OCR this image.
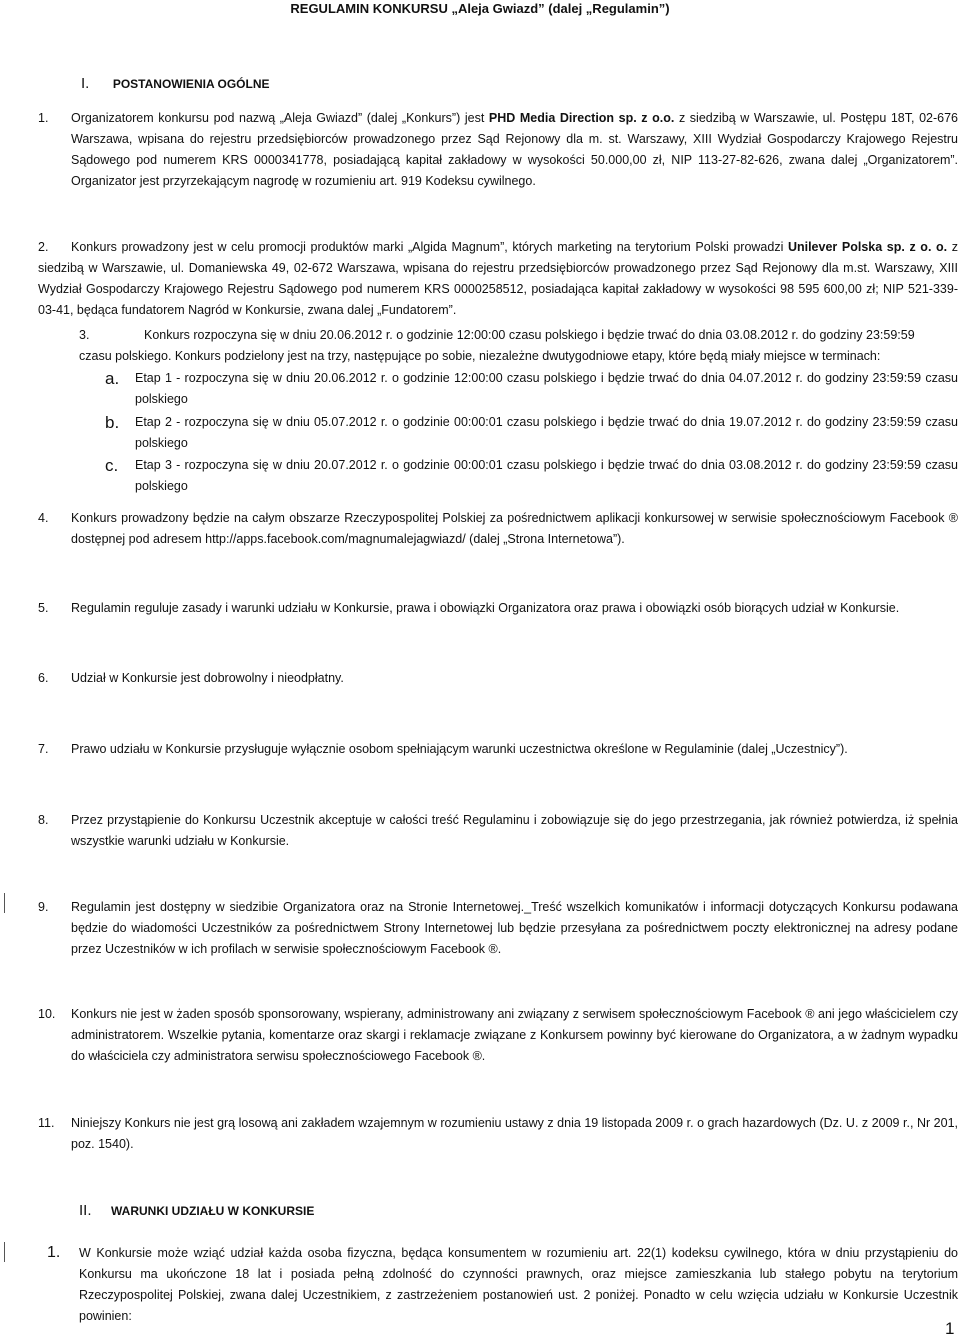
REGULAMIN KONKURSU „Aleja Gwiazd” (dalej „Regulamin”)
I. POSTANOWIENIA OGÓLNE
1.	Organizatorem konkursu pod nazwą „Aleja Gwiazd” (dalej „Konkurs”) jest PHD Media Direction sp. z o.o. z siedzibą w Warszawie, ul. Postępu 18T, 02-676 Warszawa, wpisana do rejestru przedsiębiorców prowadzonego przez Sąd Rejonowy dla m. st. Warszawy, XIII Wydział Gospodarczy Krajowego Rejestru Sądowego pod numerem KRS 0000341778, posiadającą kapitał zakładowy w wysokości 50.000,00 zł, NIP 113-27-82-626, zwana dalej „Organizatorem”. Organizator jest przyrzekającym nagrodę w rozumieniu art. 919 Kodeksu cywilnego.
2.	Konkurs prowadzony jest w celu promocji produktów marki „Algida Magnum”, których marketing na terytorium Polski prowadzi Unilever Polska sp. z o. o. z siedzibą w Warszawie, ul. Domaniewska 49, 02-672 Warszawa, wpisana do rejestru przedsiębiorców prowadzonego przez Sąd Rejonowy dla m.st. Warszawy, XIII Wydział Gospodarczy Krajowego Rejestru Sądowego pod numerem KRS 0000258512, posiadająca kapitał zakładowy w wysokości 98 595 600,00 zł; NIP 521-339-03-41, będąca fundatorem Nagród w Konkursie, zwana dalej „Fundatorem”.
3.	Konkurs rozpoczyna się w dniu 20.06.2012 r. o godzinie 12:00:00 czasu polskiego i będzie trwać do dnia 03.08.2012 r. do godziny 23:59:59
czasu polskiego. Konkurs podzielony jest na trzy, następujące po sobie, niezależne dwutygodniowe etapy, które będą miały miejsce w terminach:
a. Etap 1 - rozpoczyna się w dniu 20.06.2012 r. o godzinie 12:00:00 czasu polskiego i będzie trwać do dnia 04.07.2012 r. do godziny 23:59:59 czasu polskiego
b. Etap 2 - rozpoczyna się w dniu 05.07.2012 r. o godzinie 00:00:01 czasu polskiego i będzie trwać do dnia 19.07.2012 r. do godziny 23:59:59 czasu polskiego
c. Etap 3 - rozpoczyna się w dniu 20.07.2012 r. o godzinie 00:00:01 czasu polskiego i będzie trwać do dnia 03.08.2012 r. do godziny 23:59:59 czasu polskiego
4.	Konkurs prowadzony będzie na całym obszarze Rzeczypospolitej Polskiej za pośrednictwem aplikacji konkursowej w serwisie społecznościowym Facebook ® dostępnej pod adresem http://apps.facebook.com/magnumalejagwiazd/ (dalej „Strona Internetowa”).
5.	Regulamin reguluje zasady i warunki udziału w Konkursie, prawa i obowiązki Organizatora oraz prawa i obowiązki osób biorących udział w Konkursie.
6.	Udział w Konkursie jest dobrowolny i nieodpłatny.
7.	Prawo udziału w Konkursie przysługuje wyłącznie osobom spełniającym warunki uczestnictwa określone w Regulaminie (dalej „Uczestnicy”).
8.	Przez przystąpienie do Konkursu Uczestnik akceptuje w całości treść Regulaminu i zobowiązuje się do jego przestrzegania, jak również potwierdza, iż spełnia wszystkie warunki udziału w Konkursie.
9.	Regulamin jest dostępny w siedzibie Organizatora oraz na Stronie Internetowej._Treść wszelkich komunikatów i informacji dotyczących Konkursu podawana będzie do wiadomości Uczestników za pośrednictwem Strony Internetowej lub będzie przesyłana za pośrednictwem poczty elektronicznej na adresy podane przez Uczestników w ich profilach w serwisie społecznościowym Facebook ®.
10.	Konkurs nie jest w żaden sposób sponsorowany, wspierany, administrowany ani związany z serwisem społecznościowym Facebook ® ani jego właścicielem czy administratorem. Wszelkie pytania, komentarze oraz skargi i reklamacje związane z Konkursem powinny być kierowane do Organizatora, a w żadnym wypadku do właściciela czy administratora serwisu społecznościowego Facebook ®.
11.	Niniejszy Konkurs nie jest grą losową ani zakładem wzajemnym w rozumieniu ustawy z dnia 19 listopada 2009 r. o grach hazardowych (Dz. U. z 2009 r., Nr 201, poz. 1540).
II. WARUNKI UDZIAŁU W KONKURSIE
1. W Konkursie może wziąć udział każda osoba fizyczna, będąca konsumentem w rozumieniu art. 22(1) kodeksu cywilnego, która w dniu przystąpieniu do Konkursu ma ukończone 18 lat i posiada pełną zdolność do czynności prawnych, oraz miejsce zamieszkania lub stałego pobytu na terytorium Rzeczypospolitej Polskiej, zwana dalej Uczestnikiem, z zastrzeżeniem postanowień ust. 2 poniżej. Ponadto w celu wzięcia udziału w Konkursie Uczestnik powinien:
1
